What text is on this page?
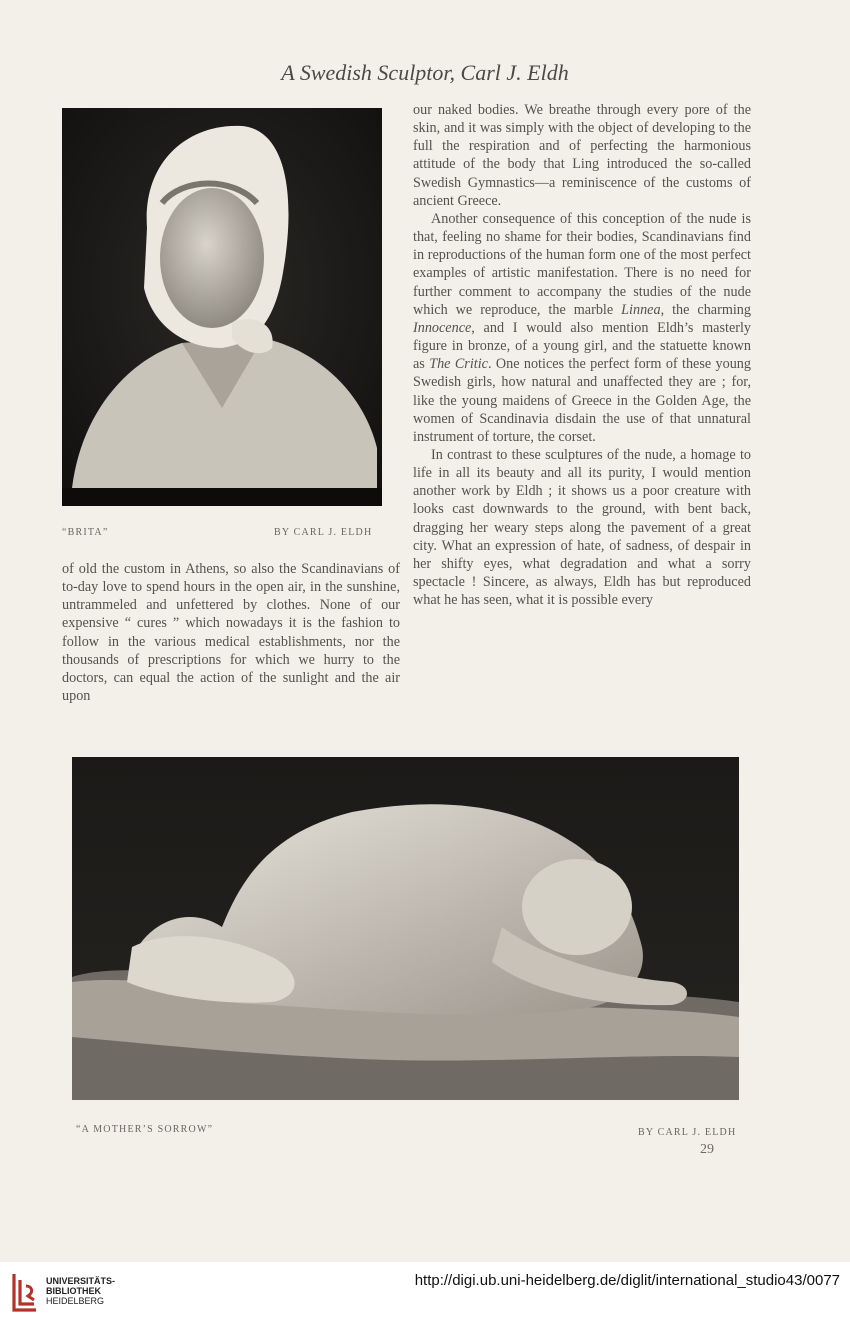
A Swedish Sculptor, Carl J. Eldh
“BRITA”	BY CARL J. ELDH

of old the custom in Athens, so also the Scandinavians of to-day love to spend hours in the open air, in the sunshine, untrammeled and unfettered by clothes. None of our expensive “ cures ” which nowadays it is the fashion to follow in the various medical establishments, nor the thousands of prescriptions for which we hurry to the doctors, can equal the action of the sunlight and the air upon

our naked bodies. We breathe through every pore of the skin, and it was simply with the object of developing to the full the respiration and of perfecting the harmonious attitude of the body that Ling introduced the so-called Swedish Gymnastics—a reminiscence of the customs of ancient Greece.

Another consequence of this conception of the nude is that, feeling no shame for their bodies, Scandinavians find in reproductions of the human form one of the most perfect examples of artistic manifestation. There is no need for further comment to accompany the studies of the nude which we reproduce, the marble Linnea, the charming Innocence, and I would also mention Eldh’s masterly figure in bronze, of a young girl, and the statuette known as The Critic. One notices the perfect form of these young Swedish girls, how natural and unaffected they are ; for, like the young maidens of Greece in the Golden Age, the women of Scandinavia disdain the use of that unnatural instrument of torture, the corset.

In contrast to these sculptures of the nude, a homage to life in all its beauty and all its purity, I would mention another work by Eldh ; it shows us a poor creature with looks cast downwards to the ground, with bent back, dragging her weary steps along the pavement of a great city. What an expression of hate, of sadness, of despair in her shifty eyes, what degradation and what a sorry spectacle ! Sincere, as always, Eldh has but reproduced what he has seen, what it is possible every

“A MOTHER’S SORROW”	BY CARL J. ELDH
29
UNIVERSITÄTS-
BIBLIOTHEK
HEIDELBERG
http://digi.ub.uni-heidelberg.de/diglit/international_studio43/0077
